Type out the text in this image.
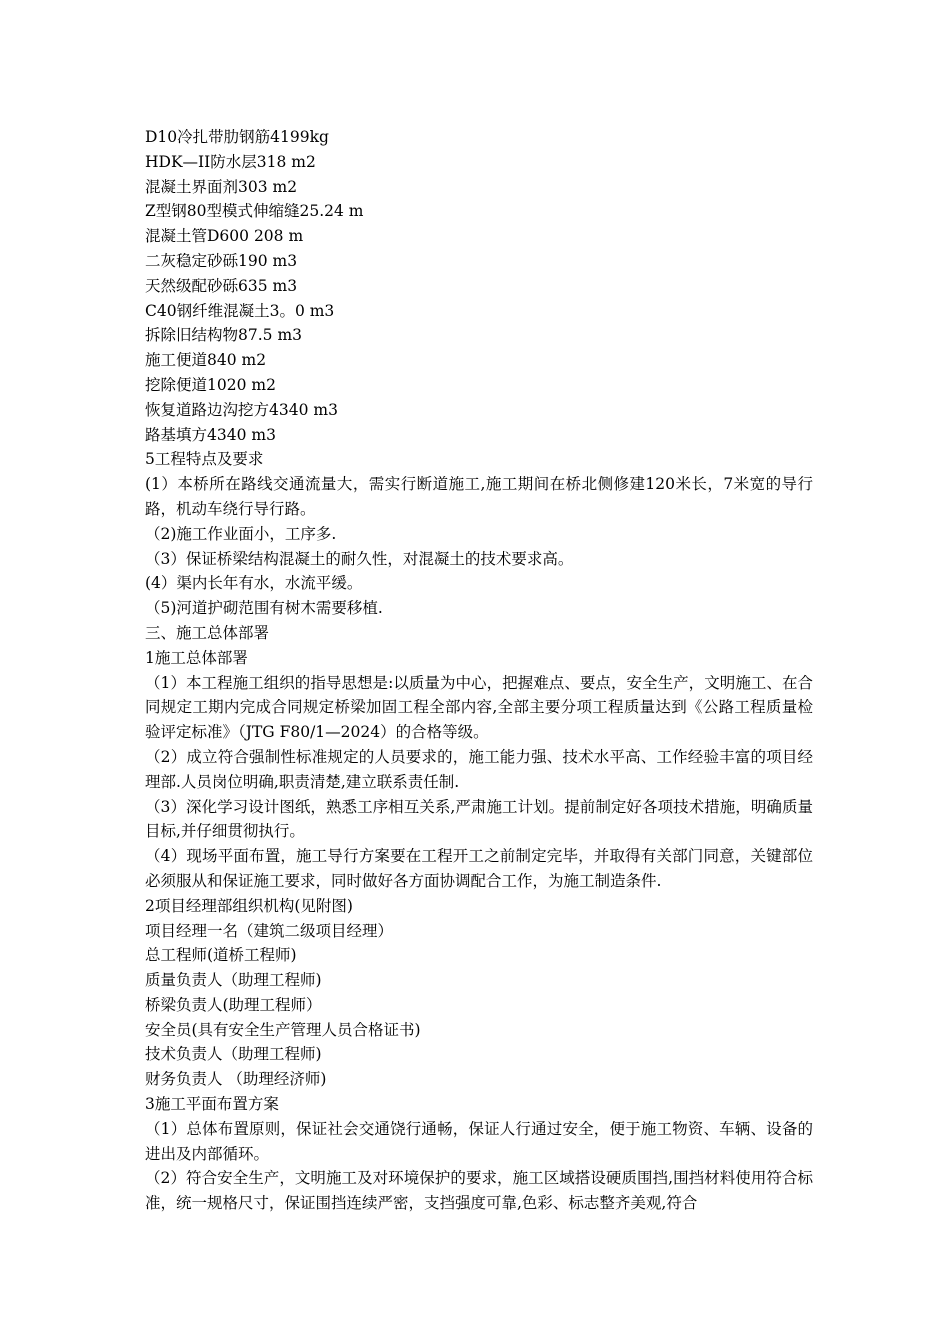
D10冷扎带肋钢筋4199kg

HDK—II防水层318 m2

混凝土界面剂303 m2

Z型钢80型模式伸缩缝25.24 m

混凝土管D600 208 m

二灰稳定砂砾190 m3

天然级配砂砾635 m3

C40钢纤维混凝土3。0 m3

拆除旧结构物87.5 m3

施工便道840 m2

挖除便道1020 m2

恢复道路边沟挖方4340 m3

路基填方4340 m3

5工程特点及要求

(1）本桥所在路线交通流量大，需实行断道施工,施工期间在桥北侧修建120米长，7米宽的导行路，机动车绕行导行路。

（2)施工作业面小，工序多.

（3）保证桥梁结构混凝土的耐久性，对混凝土的技术要求高。

(4）渠内长年有水，水流平缓。

（5)河道护砌范围有树木需要移植.

三、施工总体部署

1施工总体部署

（1）本工程施工组织的指导思想是:以质量为中心，把握难点、要点，安全生产，文明施工、在合同规定工期内完成合同规定桥梁加固工程全部内容,全部主要分项工程质量达到《公路工程质量检验评定标准》（JTG F80/1—2024）的合格等级。

（2）成立符合强制性标准规定的人员要求的，施工能力强、技术水平高、工作经验丰富的项目经理部.人员岗位明确,职责清楚,建立联系责任制.

（3）深化学习设计图纸，熟悉工序相互关系,严肃施工计划。提前制定好各项技术措施，明确质量目标,并仔细贯彻执行。

（4）现场平面布置，施工导行方案要在工程开工之前制定完毕，并取得有关部门同意，关键部位必须服从和保证施工要求，同时做好各方面协调配合工作，为施工制造条件.

2项目经理部组织机构(见附图)

项目经理一名（建筑二级项目经理）

总工程师(道桥工程师)

质量负责人（助理工程师)

桥梁负责人(助理工程师）

安全员(具有安全生产管理人员合格证书)

技术负责人（助理工程师)

财务负责人 （助理经济师)

3施工平面布置方案

（1）总体布置原则，保证社会交通饶行通畅，保证人行通过安全，便于施工物资、车辆、设备的进出及内部循环。

（2）符合安全生产，文明施工及对环境保护的要求，施工区域搭设硬质围挡,围挡材料使用符合标准，统一规格尺寸，保证围挡连续严密，支挡强度可靠,色彩、标志整齐美观,符合
